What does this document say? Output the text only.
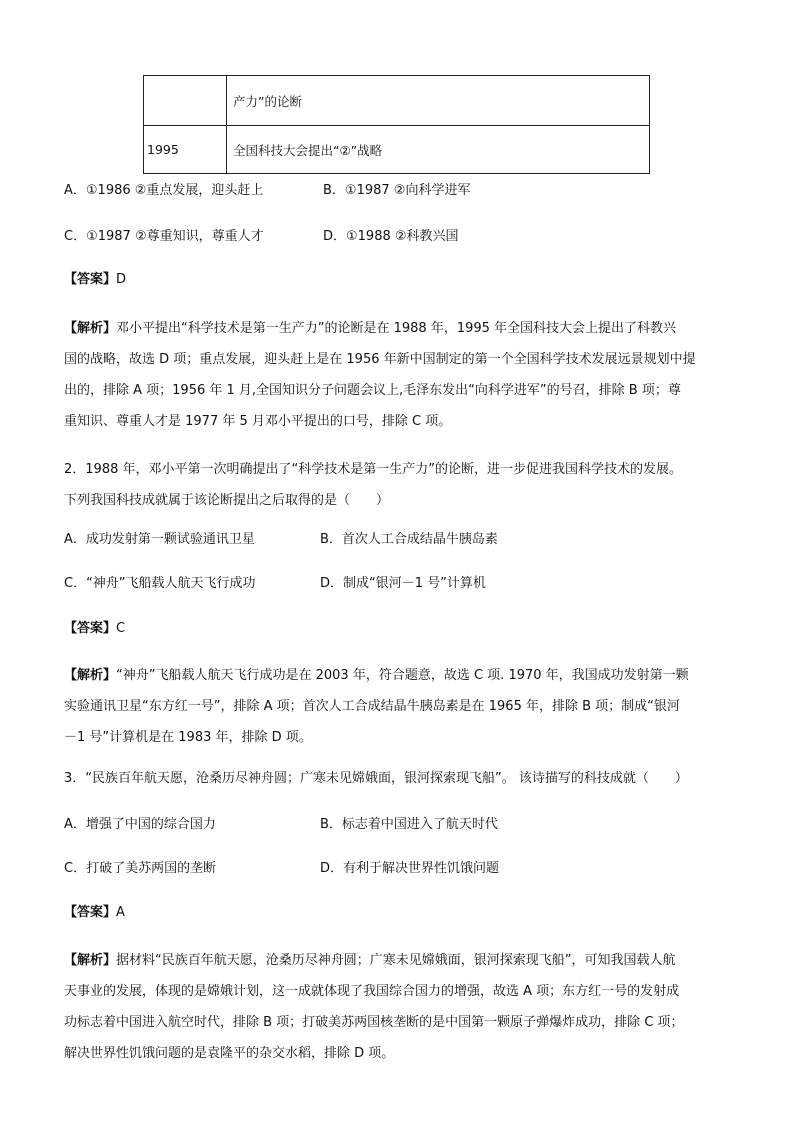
	产力”的论断
1995	全国科技大会提出“②”战略
A．①1986 ②重点发展，迎头赶上	B．①1987 ②向科学进军
C．①1987 ②尊重知识，尊重人才	D．①1988 ②科教兴国
【答案】D
【解析】邓小平提出“科学技术是第一生产力”的论断是在 1988 年，1995 年全国科技大会上提出了科教兴
国的战略，故选 D 项；重点发展，迎头赶上是在 1956 年新中国制定的第一个全国科学技术发展远景规划中提
出的，排除 A 项；1956 年 1 月,全国知识分子问题会议上,毛泽东发出“向科学进军”的号召，排除 B 项；尊
重知识、尊重人才是 1977 年 5 月邓小平提出的口号，排除 C 项。
2．1988 年，邓小平第一次明确提出了“科学技术是第一生产力”的论断，进一步促进我国科学技术的发展。
下列我国科技成就属于该论断提出之后取得的是（　　）
A．成功发射第一颗试验通讯卫星	B．首次人工合成结晶牛胰岛素
C．“神舟”飞船载人航天飞行成功	D．制成“银河－1 号”计算机
【答案】C
【解析】“神舟”飞船载人航天飞行成功是在 2003 年，符合题意，故选 C 项. 1970 年，我国成功发射第一颗
实验通讯卫星“东方红一号”，排除 A 项；首次人工合成结晶牛胰岛素是在 1965 年，排除 B 项；制成“银河
－1 号”计算机是在 1983 年，排除 D 项。
3．“民族百年航天愿，沧桑历尽神舟圆；广寒未见嫦娥面，银河探索现飞船”。 该诗描写的科技成就（　　）
A．增强了中国的综合国力	B．标志着中国进入了航天时代
C．打破了美苏两国的垄断	D．有利于解决世界性饥饿问题
【答案】A
【解析】据材料“民族百年航天愿，沧桑历尽神舟圆；广寒未见嫦娥面，银河探索现飞船”，可知我国载人航
天事业的发展，体现的是嫦娥计划，这一成就体现了我国综合国力的增强，故选 A 项；东方红一号的发射成
功标志着中国进入航空时代，排除 B 项；打破美苏两国核垄断的是中国第一颗原子弹爆炸成功，排除 C 项；
解决世界性饥饿问题的是袁隆平的杂交水稻，排除 D 项。
